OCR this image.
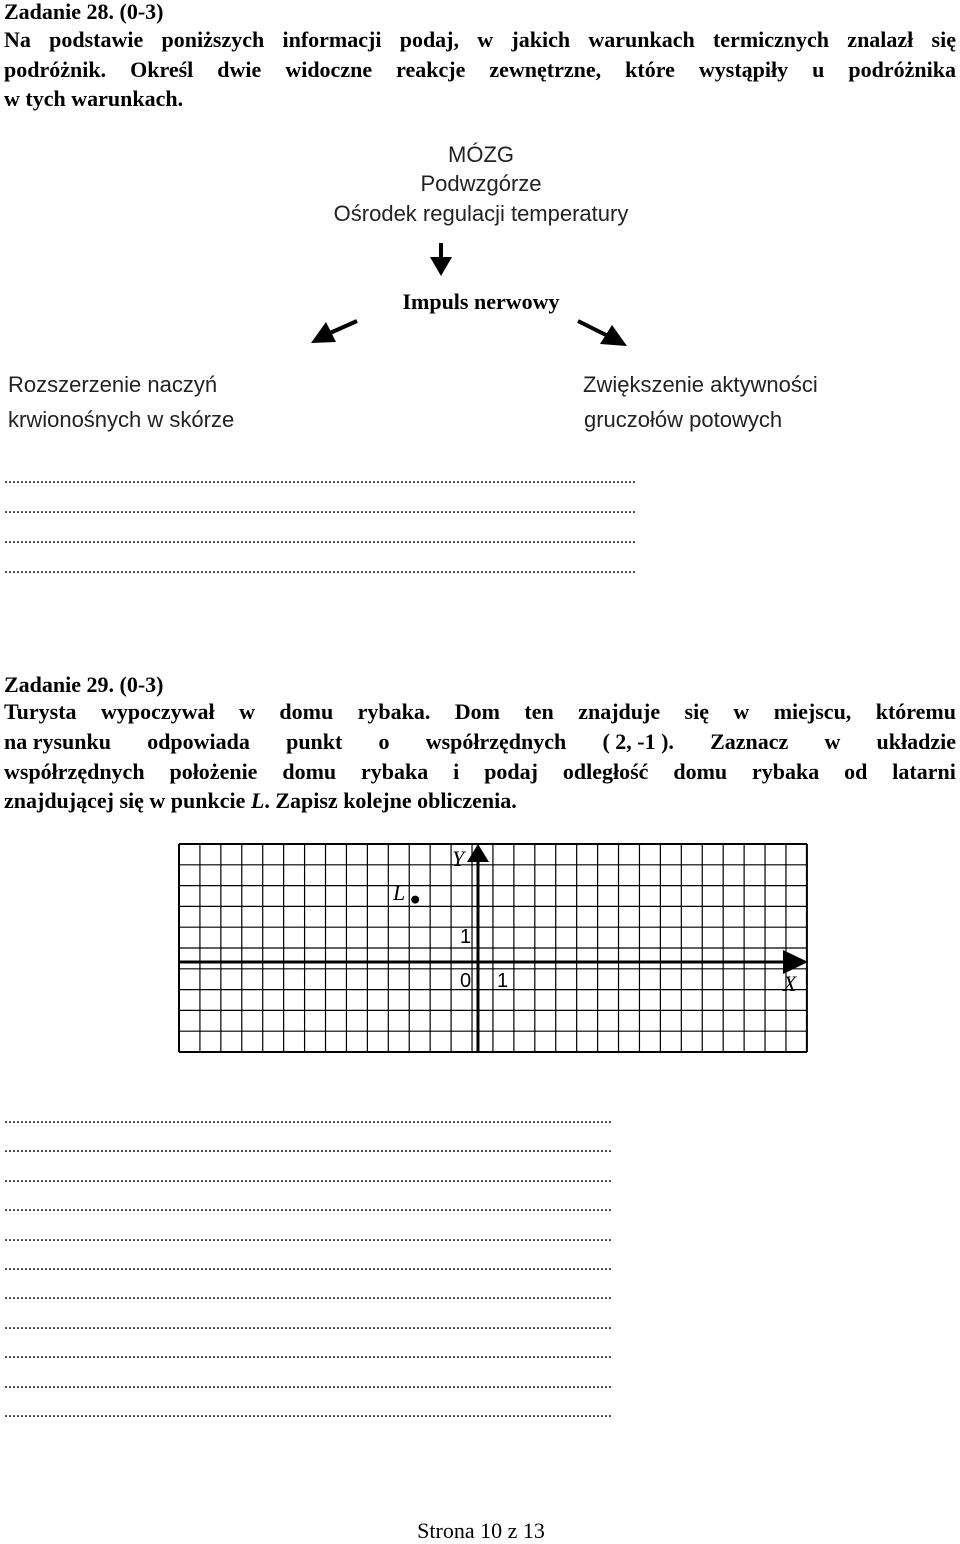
Zadanie 28. (0-3)
Na podstawie poniższych informacji podaj, w jakich warunkach termicznych znalazł się
podróżnik. Określ dwie widoczne reakcje zewnętrzne, które wystąpiły u podróżnika
w tych warunkach.
MÓZG
Podwzgórze
Ośrodek regulacji temperatury
Impuls nerwowy
Rozszerzenie naczyń
krwionośnych w skórze
Zwiększenie aktywności
gruczołów potowych
..............................................................................................................................................................
..............................................................................................................................................................
..............................................................................................................................................................
..............................................................................................................................................................
Zadanie 29. (0-3)
Turysta wypoczywał w domu rybaka. Dom ten znajduje się w miejscu, któremu
na rysunku odpowiada punkt o współrzędnych ( 2, -1 ). Zaznacz w układzie
współrzędnych położenie domu rybaka i podaj odległość domu rybaka od latarni
znajdującej się w punkcie L. Zapisz kolejne obliczenia.
Y
X
L
0 1
1
........................................................................................................................................................
........................................................................................................................................................
........................................................................................................................................................
........................................................................................................................................................
........................................................................................................................................................
........................................................................................................................................................
........................................................................................................................................................
........................................................................................................................................................
........................................................................................................................................................
........................................................................................................................................................
........................................................................................................................................................
Strona 10 z 13
